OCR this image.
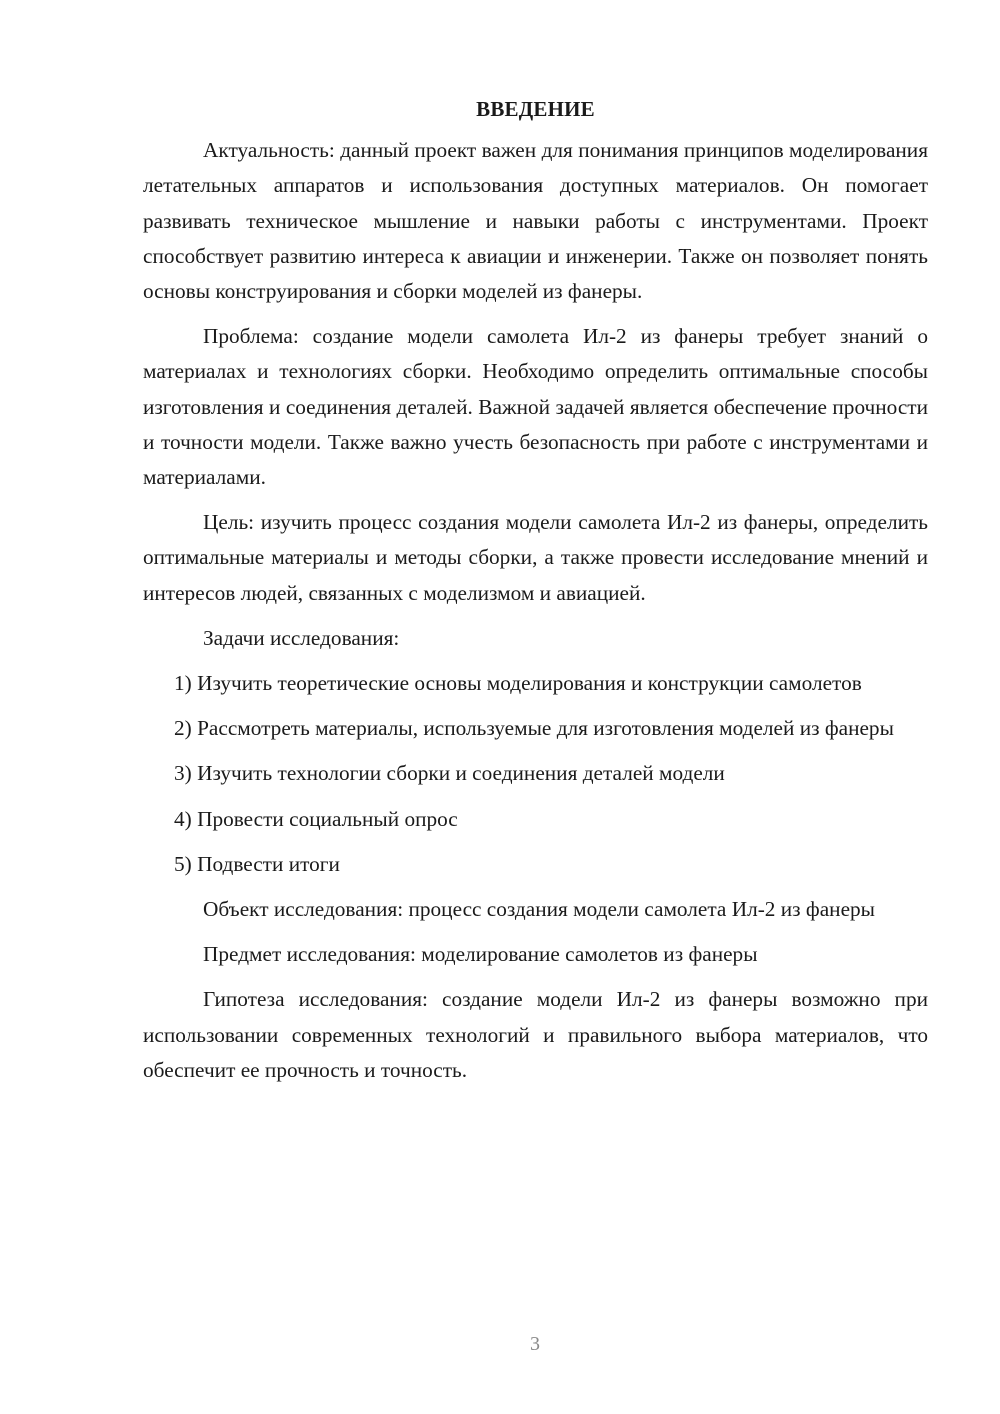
ВВЕДЕНИЕ

Актуальность: данный проект важен для понимания принципов моделирования летательных аппаратов и использования доступных материалов. Он помогает развивать техническое мышление и навыки работы с инструментами. Проект способствует развитию интереса к авиации и инженерии. Также он позволяет понять основы конструирования и сборки моделей из фанеры.

Проблема: создание модели самолета Ил-2 из фанеры требует знаний о материалах и технологиях сборки. Необходимо определить оптимальные способы изготовления и соединения деталей. Важной задачей является обеспечение прочности и точности модели. Также важно учесть безопасность при работе с инструментами и материалами.

Цель: изучить процесс создания модели самолета Ил-2 из фанеры, определить оптимальные материалы и методы сборки, а также провести исследование мнений и интересов людей, связанных с моделизмом и авиацией.

Задачи исследования:

1) Изучить теоретические основы моделирования и конструкции самолетов

2) Рассмотреть материалы, используемые для изготовления моделей из фанеры

3) Изучить технологии сборки и соединения деталей модели

4) Провести социальный опрос

5) Подвести итоги

Объект исследования: процесс создания модели самолета Ил-2 из фанеры

Предмет исследования: моделирование самолетов из фанеры

Гипотеза исследования: создание модели Ил-2 из фанеры возможно при использовании современных технологий и правильного выбора материалов, что обеспечит ее прочность и точность.

3
